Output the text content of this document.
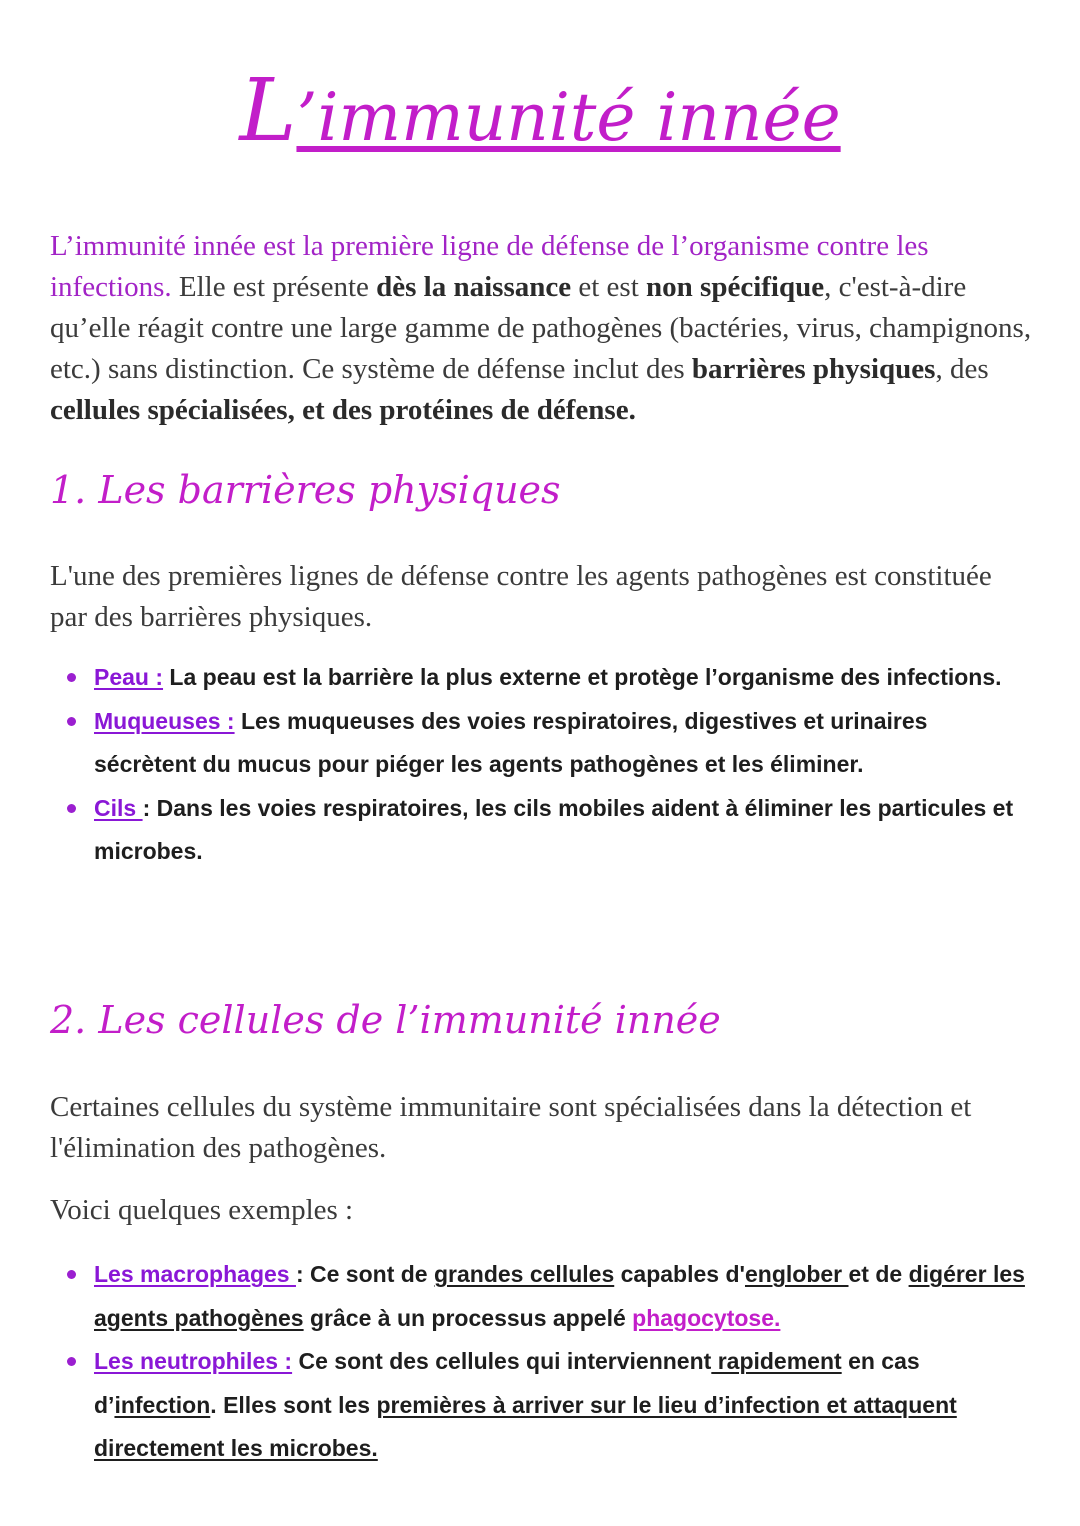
L’immunité innée
L’immunité innée est la première ligne de défense de l’organisme contre les infections. Elle est présente dès la naissance et est non spécifique, c'est-à-dire qu’elle réagit contre une large gamme de pathogènes (bactéries, virus, champignons, etc.) sans distinction. Ce système de défense inclut des barrières physiques, des cellules spécialisées, et des protéines de défense.
1. Les barrières physiques
L'une des premières lignes de défense contre les agents pathogènes est constituée par des barrières physiques.
Peau : La peau est la barrière la plus externe et protège l’organisme des infections.
Muqueuses : Les muqueuses des voies respiratoires, digestives et urinaires sécrètent du mucus pour piéger les agents pathogènes et les éliminer.
Cils : Dans les voies respiratoires, les cils mobiles aident à éliminer les particules et microbes.
2. Les cellules de l’immunité innée
Certaines cellules du système immunitaire sont spécialisées dans la détection et l'élimination des pathogènes.
Voici quelques exemples :
Les macrophages : Ce sont de grandes cellules capables d'englober et de digérer les agents pathogènes grâce à un processus appelé phagocytose.
Les neutrophiles : Ce sont des cellules qui interviennent rapidement en cas d’infection. Elles sont les premières à arriver sur le lieu d’infection et attaquent directement les microbes.
